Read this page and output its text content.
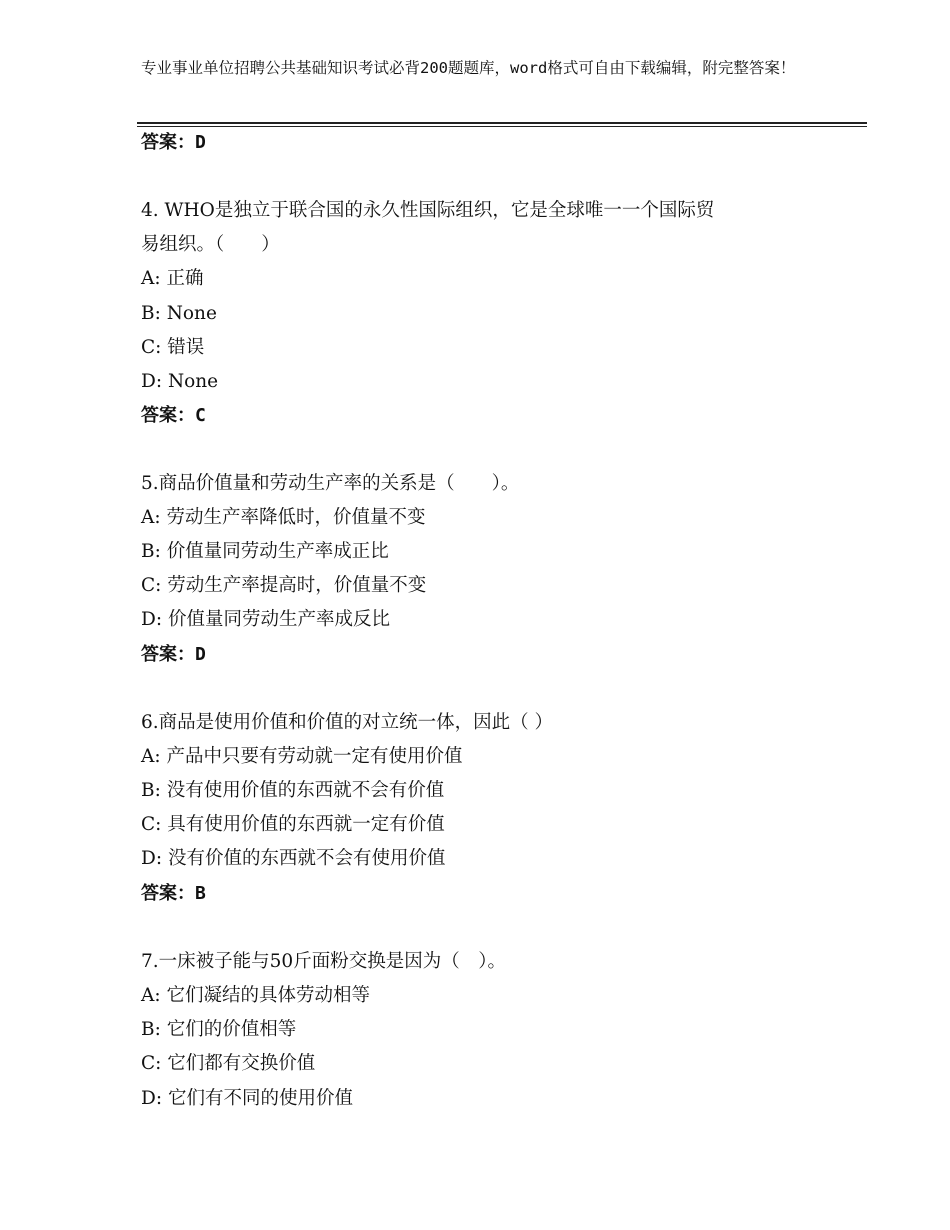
专业事业单位招聘公共基础知识考试必背200题题库，word格式可自由下载编辑，附完整答案！
答案：D
4. WHO是独立于联合国的永久性国际组织，它是全球唯一一个国际贸
易组织。（　　）
A: 正确
B: None
C: 错误
D: None
答案：C
5.商品价值量和劳动生产率的关系是（　　）。
A: 劳动生产率降低时，价值量不变
B: 价值量同劳动生产率成正比
C: 劳动生产率提高时，价值量不变
D: 价值量同劳动生产率成反比
答案：D
6.商品是使用价值和价值的对立统一体，因此（ ）
A: 产品中只要有劳动就一定有使用价值
B: 没有使用价值的东西就不会有价值
C: 具有使用价值的东西就一定有价值
D: 没有价值的东西就不会有使用价值
答案：B
7.一床被子能与50斤面粉交换是因为（　）。
A: 它们凝结的具体劳动相等
B: 它们的价值相等
C: 它们都有交换价值
D: 它们有不同的使用价值
